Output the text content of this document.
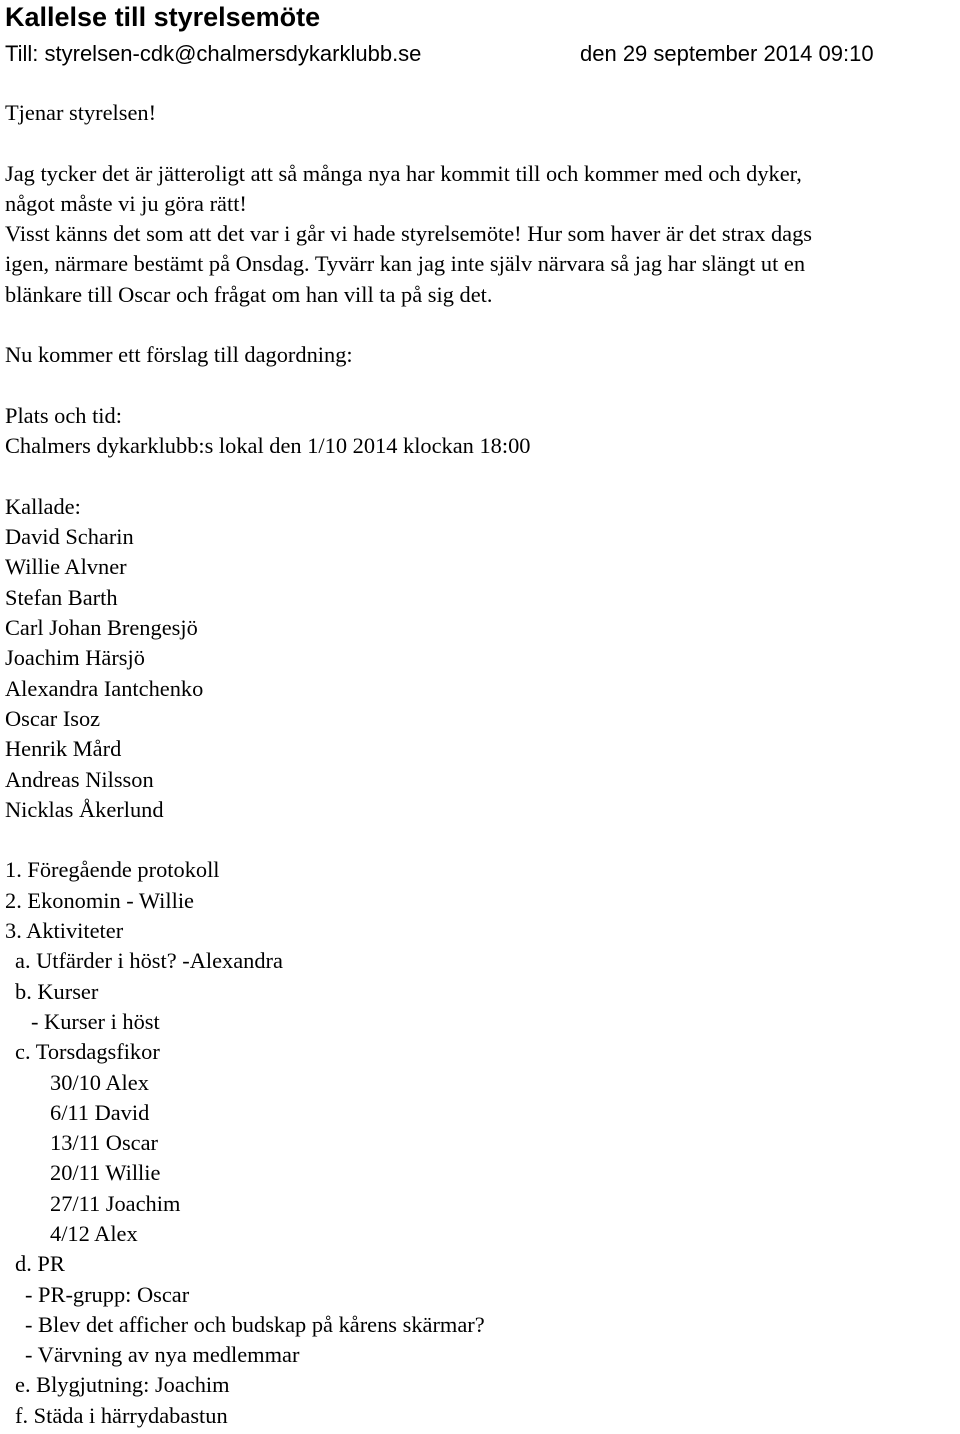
Kallelse till styrelsemöte
Till: styrelsen-cdk@chalmersdykarklubb.se	den 29 september 2014 09:10

Tjenar styrelsen!

Jag tycker det är jätteroligt att så många nya har kommit till och kommer med och dyker,

något måste vi ju göra rätt!

Visst känns det som att det var i går vi hade styrelsemöte! Hur som haver är det strax dags

igen, närmare bestämt på Onsdag. Tyvärr kan jag inte själv närvara så jag har slängt ut en

blänkare till Oscar och frågat om han vill ta på sig det.

Nu kommer ett förslag till dagordning:

Plats och tid:

Chalmers dykarklubb:s lokal den 1/10 2014 klockan 18:00

Kallade:

David Scharin

Willie Alvner

Stefan Barth

Carl Johan Brengesjö

Joachim Härsjö

Alexandra Iantchenko

Oscar Isoz

Henrik Mård

Andreas Nilsson

Nicklas Åkerlund

1. Föregående protokoll

2. Ekonomin - Willie

3. Aktiviteter

a. Utfärder i höst? -Alexandra

b. Kurser

- Kurser i höst

c. Torsdagsfikor

30/10 Alex

6/11 David

13/11 Oscar

20/11 Willie

27/11 Joachim

4/12 Alex

d. PR

- PR-grupp: Oscar

- Blev det afficher och budskap på kårens skärmar?

- Värvning av nya medlemmar

e. Blygjutning: Joachim

f. Städa i härrydabastun
